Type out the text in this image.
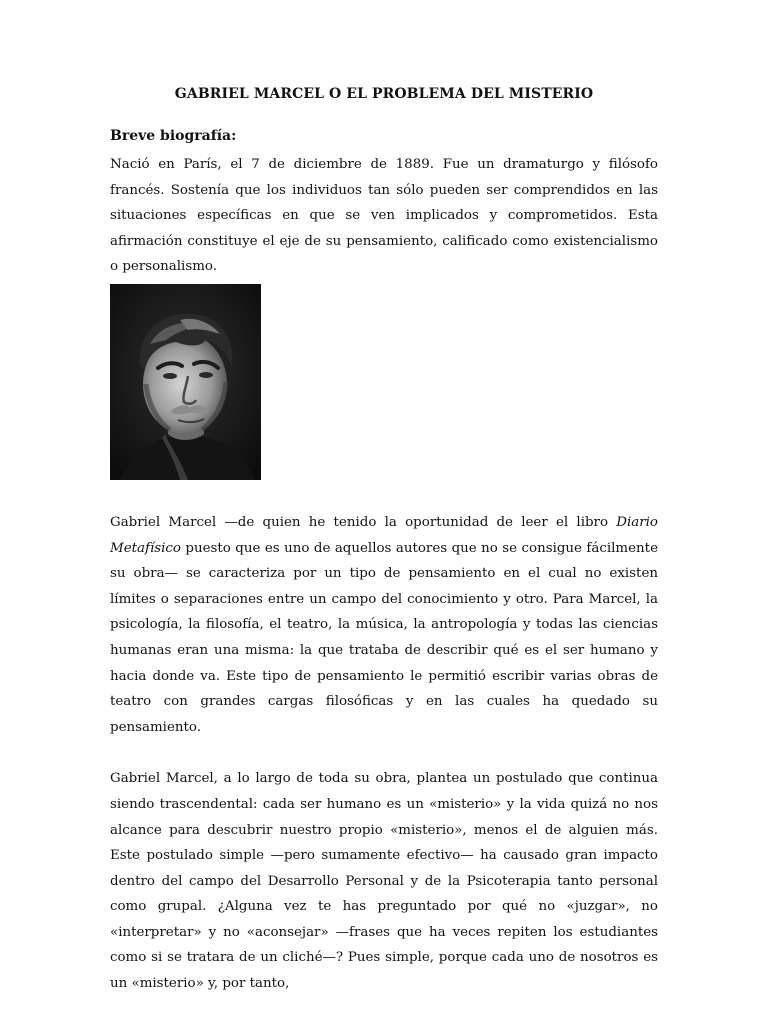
GABRIEL MARCEL O EL PROBLEMA DEL MISTERIO
Breve biografía:

Nació en París, el 7 de diciembre de 1889. Fue un dramaturgo y filósofo francés. Sostenía que los individuos tan sólo pueden ser comprendidos en las situaciones específicas en que se ven implicados y comprometidos. Esta afirmación constituye el eje de su pensamiento, calificado como existencialismo o personalismo.

Gabriel Marcel —de quien he tenido la oportunidad de leer el libro Diario Metafísico puesto que es uno de aquellos autores que no se consigue fácilmente su obra— se caracteriza por un tipo de pensamiento en el cual no existen límites o separaciones entre un campo del conocimiento y otro. Para Marcel, la psicología, la filosofía, el teatro, la música, la antropología y todas las ciencias humanas eran una misma: la que trataba de describir qué es el ser humano y hacia donde va. Este tipo de pensamiento le permitió escribir varias obras de teatro con grandes cargas filosóficas y en las cuales ha quedado su pensamiento.

Gabriel Marcel, a lo largo de toda su obra, plantea un postulado que continua siendo trascendental: cada ser humano es un «misterio» y la vida quizá no nos alcance para descubrir nuestro propio «misterio», menos el de alguien más. Este postulado simple —pero sumamente efectivo— ha causado gran impacto dentro del campo del Desarrollo Personal y de la Psicoterapia tanto personal como grupal. ¿Alguna vez te has preguntado por qué no «juzgar», no «interpretar» y no «aconsejar» —frases que ha veces repiten los estudiantes como si se tratara de un cliché—? Pues simple, porque cada uno de nosotros es un «misterio» y, por tanto,
